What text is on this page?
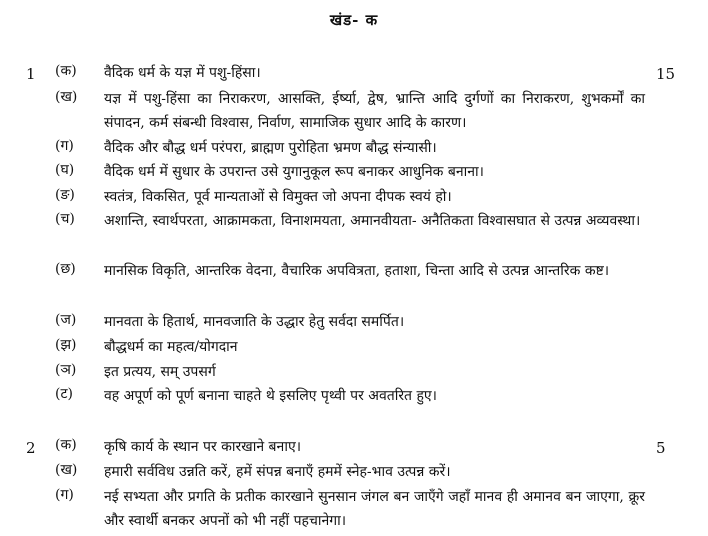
खंड- क
1	15
(क)	वैदिक धर्म के यज्ञ में पशु-हिंसा।
(ख)	यज्ञ में पशु-हिंसा का निराकरण, आसक्ति, ईर्ष्या, द्वेष, भ्रान्ति आदि दुर्गणों का निराकरण, शुभकर्मों का संपादन, कर्म संबन्धी विश्वास, निर्वाण, सामाजिक सुधार आदि के कारण।
(ग)	वैदिक और बौद्ध धर्म परंपरा, ब्राह्मण पुरोहिता भ्रमण बौद्ध संन्यासी।
(घ)	वैदिक धर्म में सुधार के उपरान्त उसे युगानुकूल रूप बनाकर आधुनिक बनाना।
(ङ)	स्वतंत्र, विकसित, पूर्व मान्यताओं से विमुक्त जो अपना दीपक स्वयं हो।
(च)	अशान्ति, स्वार्थपरता, आक्रामकता, विनाशमयता, अमानवीयता- अनैतिकता विश्वासघात से उत्पन्न अव्यवस्था।
(छ)	मानसिक विकृति, आन्तरिक वेदना, वैचारिक अपवित्रता, हताशा, चिन्ता आदि से उत्पन्न आन्तरिक कष्ट।
(ज)	मानवता के हितार्थ, मानवजाति के उद्धार हेतु सर्वदा समर्पित।
(झ)	बौद्धधर्म का महत्व/योगदान
(ञ)	इत प्रत्यय, सम् उपसर्ग
(ट)	वह अपूर्ण को पूर्ण बनाना चाहते थे इसलिए पृथ्वी पर अवतरित हुए।
2	5
(क)	कृषि कार्य के स्थान पर कारखाने बनाए।
(ख)	हमारी सर्वविध उन्नति करें, हमें संपन्न बनाएँ हममें स्नेह-भाव उत्पन्न करें।
(ग)	नई सभ्यता और प्रगति के प्रतीक कारखाने सुनसान जंगल बन जाएँगे जहाँ मानव ही अमानव बन जाएगा, क्रूर और स्वार्थी बनकर अपनों को भी नहीं पहचानेगा।
